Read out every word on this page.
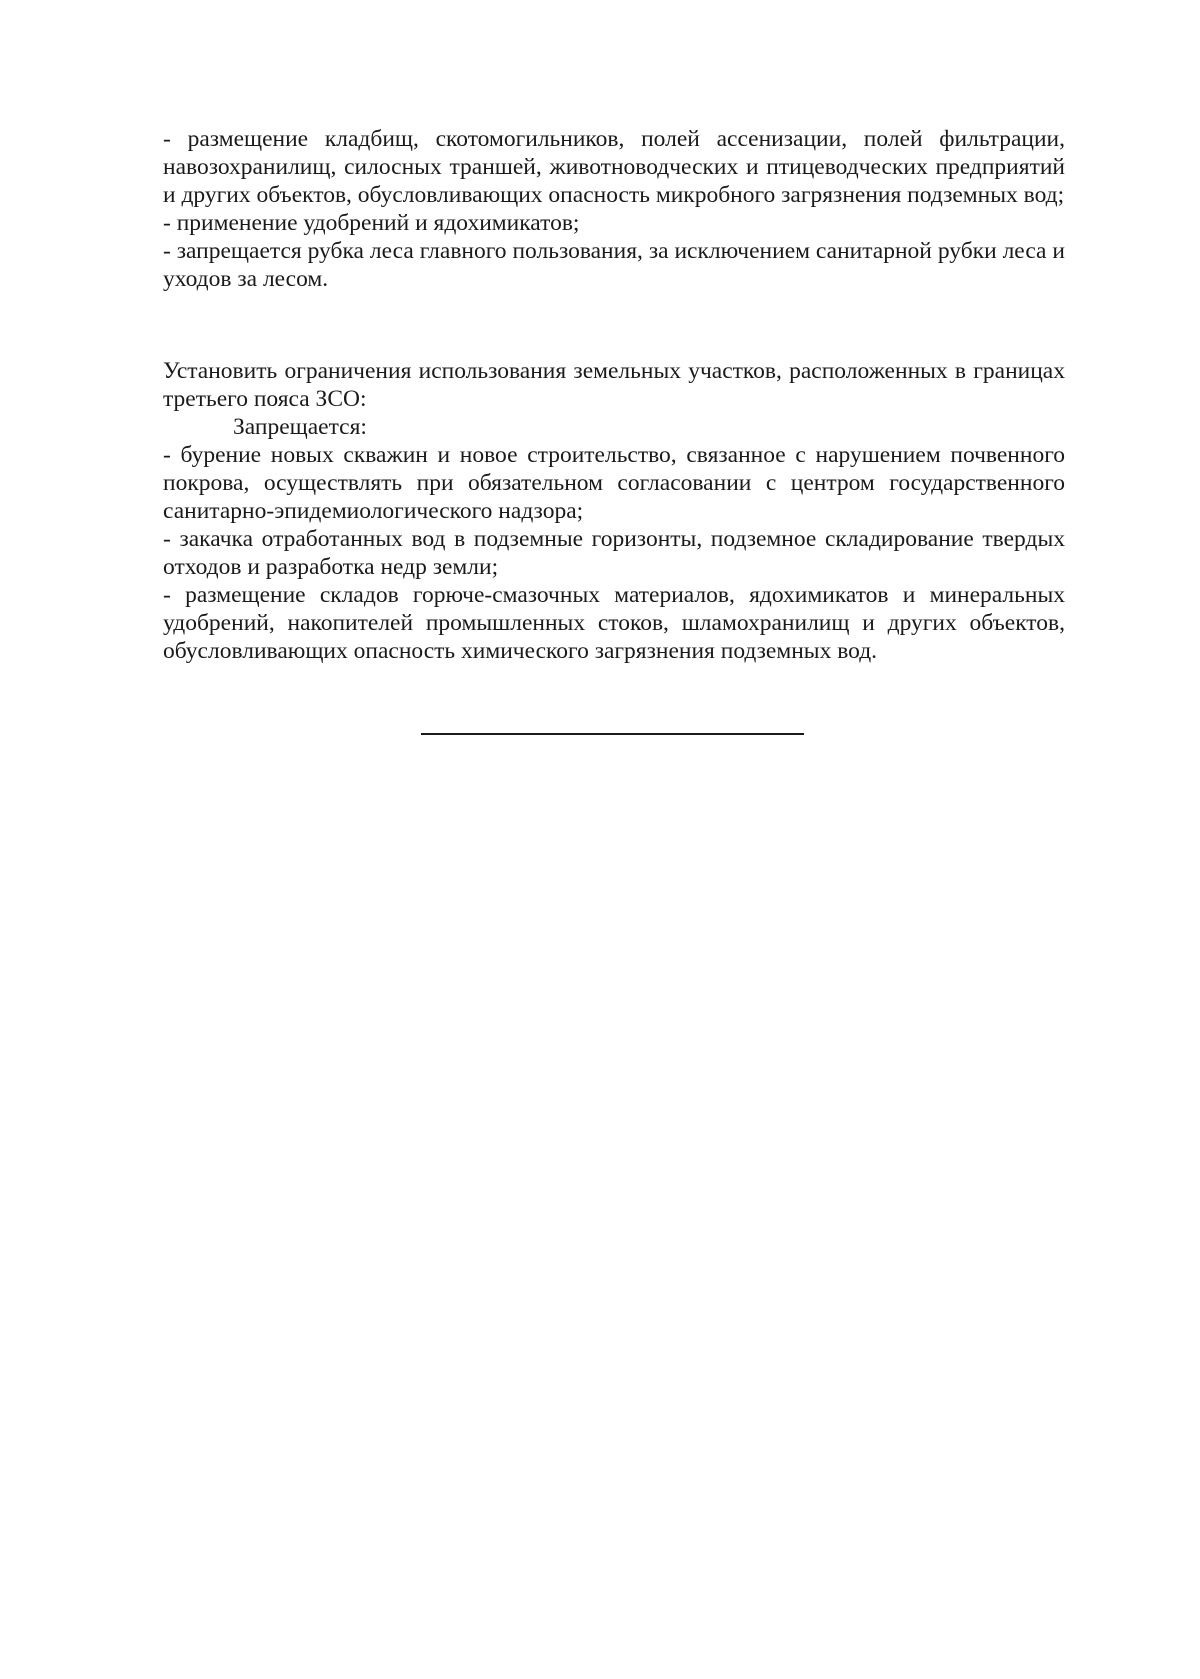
- размещение кладбищ, скотомогильников, полей ассенизации, полей фильтрации, навозохранилищ, силосных траншей, животноводческих и птицеводческих предприятий и других объектов, обусловливающих опасность микробного загрязнения подземных вод;

- применение удобрений и ядохимикатов;

- запрещается рубка леса главного пользования, за исключением санитарной рубки леса и уходов за лесом.

Установить ограничения использования земельных участков, расположенных в границах третьего пояса ЗСО:

Запрещается:

- бурение новых скважин и новое строительство, связанное с нарушением почвенного покрова, осуществлять при обязательном согласовании с центром государственного санитарно-эпидемиологического надзора;

- закачка отработанных вод в подземные горизонты, подземное складирование твердых отходов и разработка недр земли;

- размещение складов горюче-смазочных материалов, ядохимикатов и минеральных удобрений, накопителей промышленных стоков, шламохранилищ и других объектов, обусловливающих опасность химического загрязнения подземных вод.
